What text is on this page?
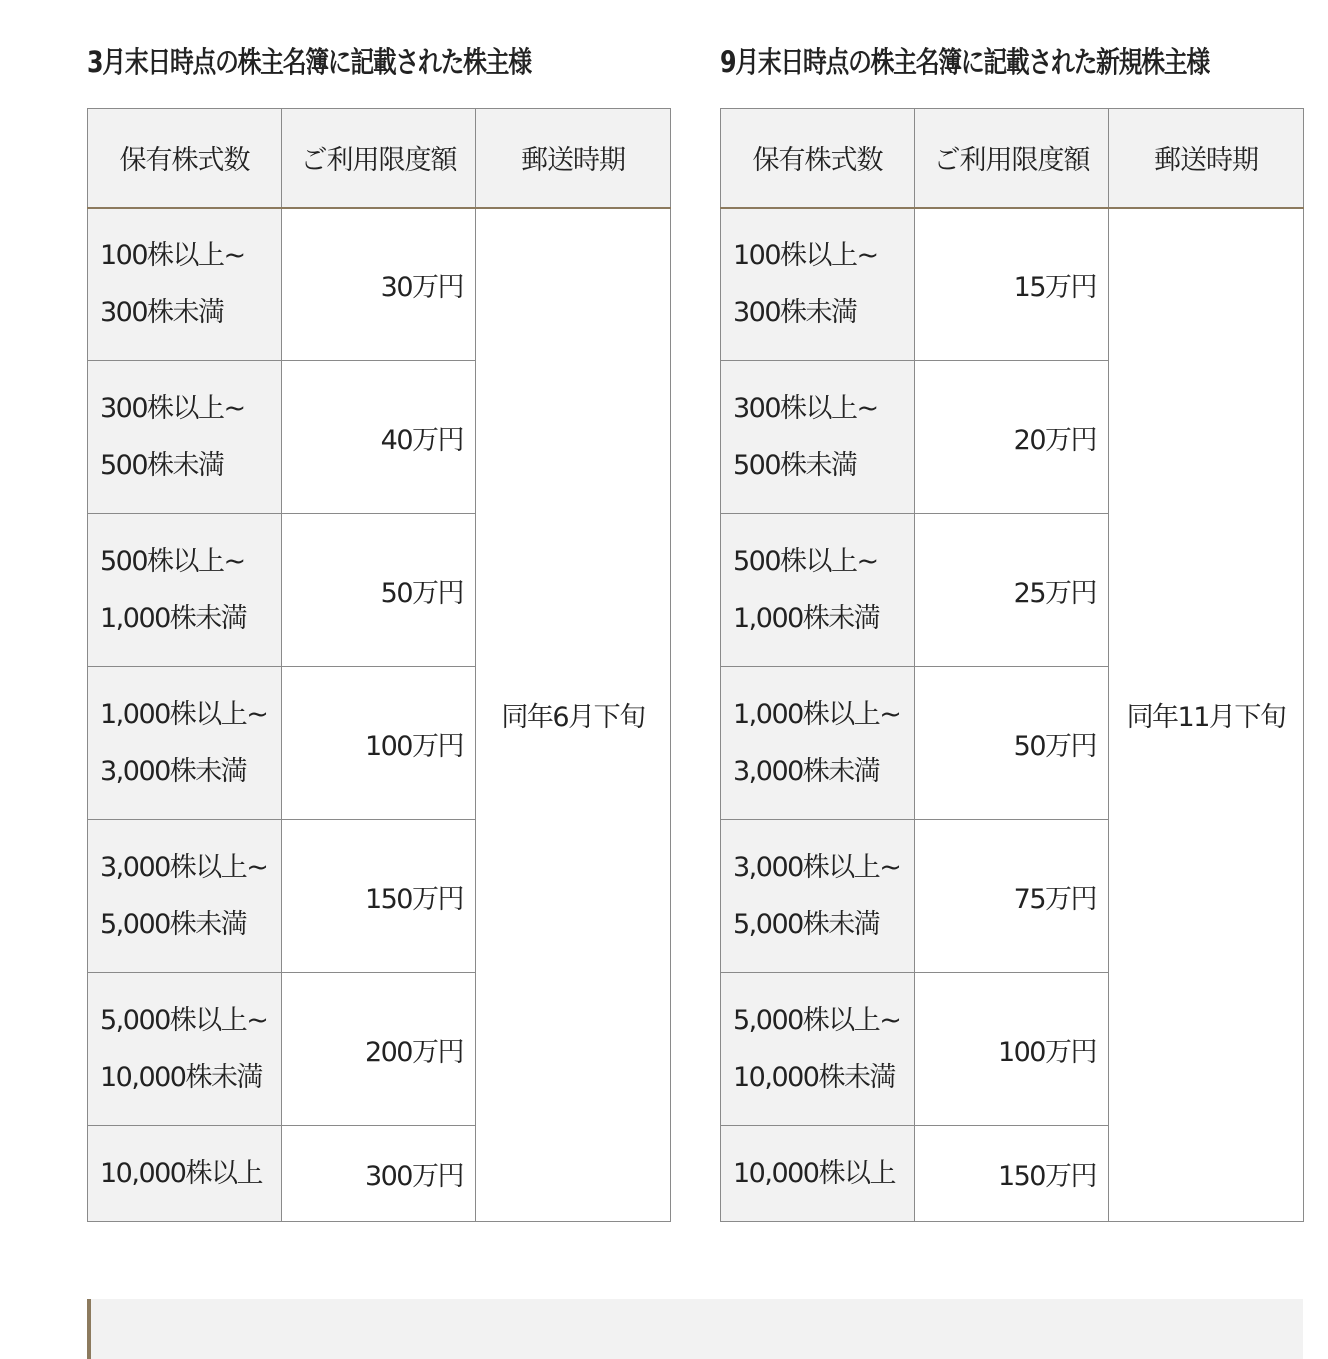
3月末日時点の株主名簿に記載された株主様
保有株式数	ご利用限度額	郵送時期

100株以上~
300株未満	30万円	同年6月下旬

300株以上~
500株未満	40万円	

500株以上~
1,000株未満	50万円	

1,000株以上~
3,000株未満	100万円	

3,000株以上~
5,000株未満	150万円	

5,000株以上~
10,000株未満	200万円	

10,000株以上	300万円	
9月末日時点の株主名簿に記載された新規株主様
保有株式数	ご利用限度額	郵送時期

100株以上~
300株未満	15万円	同年11月下旬

300株以上~
500株未満	20万円	

500株以上~
1,000株未満	25万円	

1,000株以上~
3,000株未満	50万円	

3,000株以上~
5,000株未満	75万円	

5,000株以上~
10,000株未満	100万円	

10,000株以上	150万円	
